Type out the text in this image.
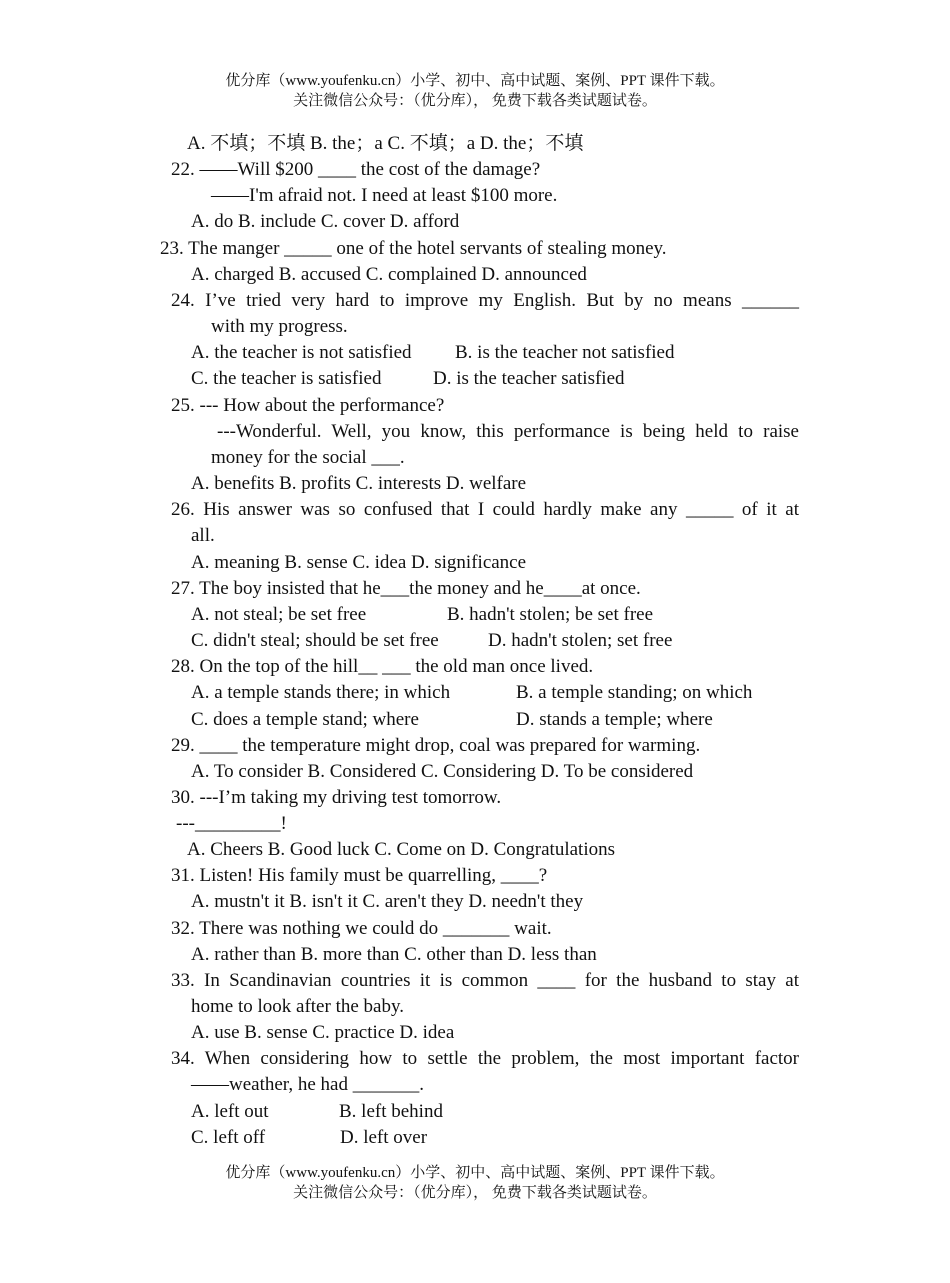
优分库（www.youfenku.cn）小学、初中、高中试题、案例、PPT 课件下载。
关注微信公众号：（优分库）， 免费下载各类试题试卷。
A. 不填；不填 B. the；a C. 不填；a D. the；不填
22. ——Will $200 ____ the cost of the damage?
——I'm afraid not. I need at least $100 more.
A. do B. include C. cover D. afford
23. The manger _____ one of the hotel servants of stealing money.
A. charged B. accused C. complained D. announced
24. I’ve tried very hard to improve my English. But by no means ______
with my progress.
A. the teacher is not satisfied B. is the teacher not satisfied
C. the teacher is satisfied	D. is the teacher satisfied
25. --- How about the performance?
---Wonderful. Well, you know, this performance is being held to raise
money for the social ___.
A. benefits B. profits C. interests D. welfare
26. His answer was so confused that I could hardly make any _____ of it at
all.
A. meaning B. sense C. idea D. significance
27. The boy insisted that he___the money and he____at once.
A. not steal; be set free	B. hadn't stolen; be set free
C. didn't steal; should be set free	D. hadn't stolen; set free
28. On the top of the hill__ ___ the old man once lived.
A. a temple stands there; in which	B. a temple standing; on which
C. does a temple stand; where	D. stands a temple; where
29. ____ the temperature might drop, coal was prepared for warming.
A. To consider B. Considered C. Considering D. To be considered
30. ---I’m taking my driving test tomorrow.
---_________!
A. Cheers B. Good luck C. Come on D. Congratulations
31. Listen! His family must be quarrelling, ____?
A. mustn't it B. isn't it C. aren't they D. needn't they
32. There was nothing we could do _______ wait.
A. rather than B. more than C. other than D. less than
33. In Scandinavian countries it is common ____ for the husband to stay at
home to look after the baby.
A. use B. sense C. practice D. idea
34. When considering how to settle the problem, the most important factor
——weather, he had _______.
A. left out	B. left behind
C. left off	D. left over
优分库（www.youfenku.cn）小学、初中、高中试题、案例、PPT 课件下载。
关注微信公众号：（优分库）， 免费下载各类试题试卷。
